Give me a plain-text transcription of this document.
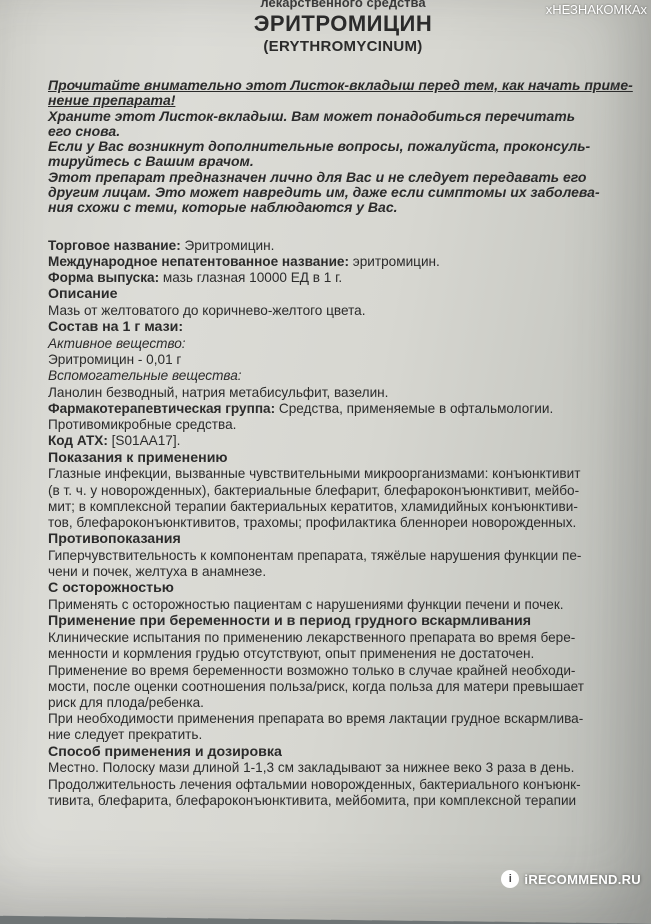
лекарственного средства
ЭРИТРОМИЦИН
(ERYTHROMYCINUM)

Прочитайте внимательно этот Листок-вкладыш перед тем, как начать приме-

нение препарата!

Храните этот Листок-вкладыш. Вам может понадобиться перечитать

его снова.

Если у Вас возникнут дополнительные вопросы, пожалуйста, проконсуль-

тируйтесь с Вашим врачом.

Этот препарат предназначен лично для Вас и не следует передавать его

другим лицам. Это может навредить им, даже если симптомы их заболева-

ния схожи с теми, которые наблюдаются у Вас.

Торговое название: Эритромицин.

Международное непатентованное название: эритромицин.

Форма выпуска: мазь глазная 10000 ЕД в 1 г.

Описание

Мазь от желтоватого до коричнево-желтого цвета.

Состав на 1 г мази:

Активное вещество:

Эритромицин - 0,01 г

Вспомогательные вещества:

Ланолин безводный, натрия метабисульфит, вазелин.

Фармакотерапевтическая группа: Средства, применяемые в офтальмологии.

Противомикробные средства.

Код АТХ: [S01AA17].

Показания к применению

Глазные инфекции, вызванные чувствительными микроорганизмами: конъюнктивит

(в т. ч. у новорожденных), бактериальные блефарит, блефароконъюнктивит, мейбо-

мит; в комплексной терапии бактериальных кератитов, хламидийных конъюнктиви-

тов, блефароконъюнктивитов, трахомы; профилактика бленнореи новорожденных.

Противопоказания

Гиперчувствительность к компонентам препарата, тяжёлые нарушения функции пе-

чени и почек, желтуха в анамнезе.

С осторожностью

Применять с осторожностью пациентам с нарушениями функции печени и почек.

Применение при беременности и в период грудного вскармливания

Клинические испытания по применению лекарственного препарата во время бере-

менности и кормления грудью отсутствуют, опыт применения не достаточен.

Применение во время беременности возможно только в случае крайней необходи-

мости, после оценки соотношения польза/риск, когда польза для матери превышает

риск для плода/ребенка.

При необходимости применения препарата во время лактации грудное вскармлива-

ние следует прекратить.

Способ применения и дозировка

Местно. Полоску мази длиной 1-1,3 см закладывают за нижнее веко 3 раза в день.

Продолжительность лечения офтальмии новорожденных, бактериального конъюнк-

тивита, блефарита, блефароконъюнктивита, мейбомита, при комплексной терапии

хНЕЗНАКОМКАх
i iRECOMMEND.RU
